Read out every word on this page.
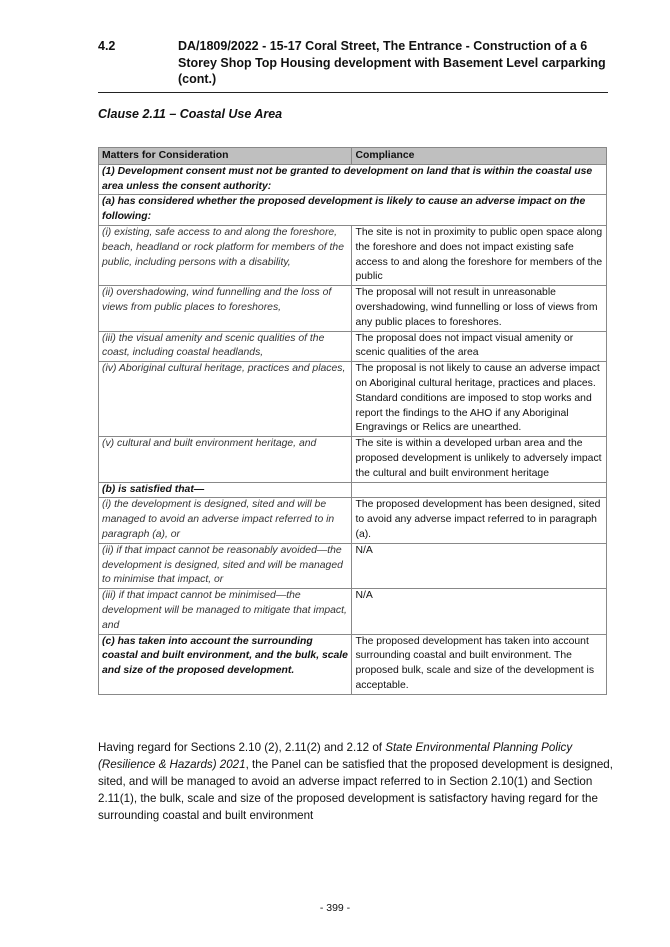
4.2	DA/1809/2022 - 15-17 Coral Street, The Entrance - Construction of a 6 Storey Shop Top Housing development with Basement Level carparking (cont.)
Clause 2.11 – Coastal Use Area
Matters for Consideration	Compliance
(1) Development consent must not be granted to development on land that is within the coastal use area unless the consent authority:	
(a) has considered whether the proposed development is likely to cause an adverse impact on the following:	
(i) existing, safe access to and along the foreshore, beach, headland or rock platform for members of the public, including persons with a disability,	The site is not in proximity to public open space along the foreshore and does not impact existing safe access to and along the foreshore for members of the public
(ii) overshadowing, wind funnelling and the loss of views from public places to foreshores,	The proposal will not result in unreasonable overshadowing, wind funnelling or loss of views from any public places to foreshores.
(iii) the visual amenity and scenic qualities of the coast, including coastal headlands,	The proposal does not impact visual amenity or scenic qualities of the area
(iv) Aboriginal cultural heritage, practices and places,	The proposal is not likely to cause an adverse impact on Aboriginal cultural heritage, practices and places. Standard conditions are imposed to stop works and report the findings to the AHO if any Aboriginal Engravings or Relics are unearthed.
(v) cultural and built environment heritage, and	The site is within a developed urban area and the proposed development is unlikely to adversely impact the cultural and built environment heritage
(b) is satisfied that—	
(i) the development is designed, sited and will be managed to avoid an adverse impact referred to in paragraph (a), or	The proposed development has been designed, sited to avoid any adverse impact referred to in paragraph (a).
(ii) if that impact cannot be reasonably avoided—the development is designed, sited and will be managed to minimise that impact, or	N/A
(iii) if that impact cannot be minimised—the development will be managed to mitigate that impact, and	N/A
(c) has taken into account the surrounding coastal and built environment, and the bulk, scale and size of the proposed development.	The proposed development has taken into account surrounding coastal and built environment. The proposed bulk, scale and size of the development is acceptable.

Having regard for Sections 2.10 (2), 2.11(2) and 2.12 of State Environmental Planning Policy (Resilience & Hazards) 2021, the Panel can be satisfied that the proposed development is designed, sited, and will be managed to avoid an adverse impact referred to in Section 2.10(1) and Section 2.11(1), the bulk, scale and size of the proposed development is satisfactory having regard for the surrounding coastal and built environment

- 399 -
